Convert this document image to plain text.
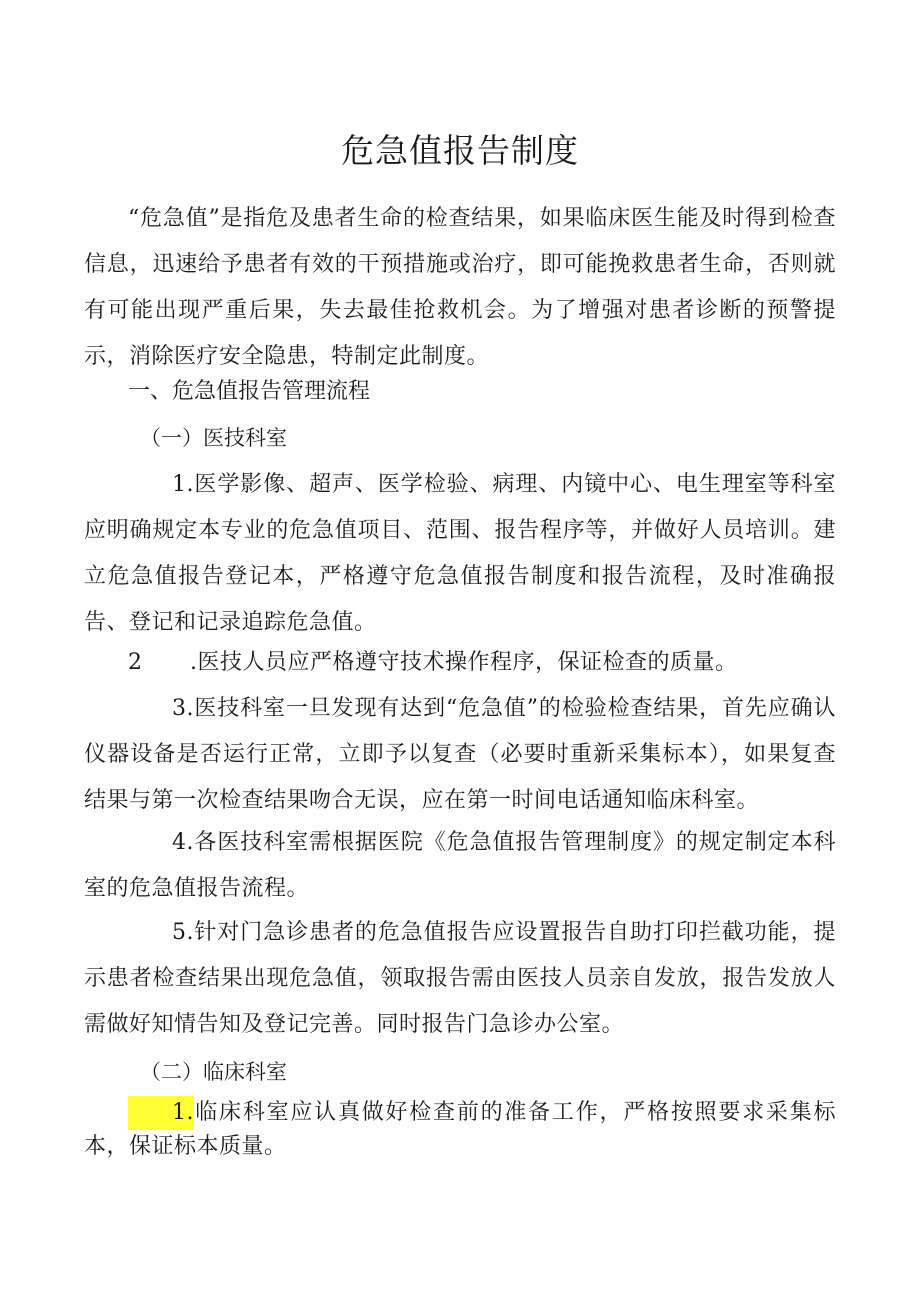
危急值报告制度

“危急值”是指危及患者生命的检查结果，如果临床医生能及时得到检查信息，迅速给予患者有效的干预措施或治疗，即可能挽救患者生命，否则就有可能出现严重后果，失去最佳抢救机会。为了增强对患者诊断的预警提示，消除医疗安全隐患，特制定此制度。

一、危急值报告管理流程
（一）医技科室

1.医学影像、超声、医学检验、病理、内镜中心、电生理室等科室应明确规定本专业的危急值项目、范围、报告程序等，并做好人员培训。建立危急值报告登记本，严格遵守危急值报告制度和报告流程，及时准确报告、登记和记录追踪危急值。

2 .医技人员应严格遵守技术操作程序，保证检查的质量。

3.医技科室一旦发现有达到“危急值”的检验检查结果，首先应确认仪器设备是否运行正常，立即予以复查（必要时重新采集标本），如果复查结果与第一次检查结果吻合无误，应在第一时间电话通知临床科室。

4.各医技科室需根据医院《危急值报告管理制度》的规定制定本科室的危急值报告流程。

5.针对门急诊患者的危急值报告应设置报告自助打印拦截功能，提示患者检查结果出现危急值，领取报告需由医技人员亲自发放，报告发放人需做好知情告知及登记完善。同时报告门急诊办公室。

（二）临床科室

1.临床科室应认真做好检查前的准备工作，严格按照要求采集标本，保证标本质量。
